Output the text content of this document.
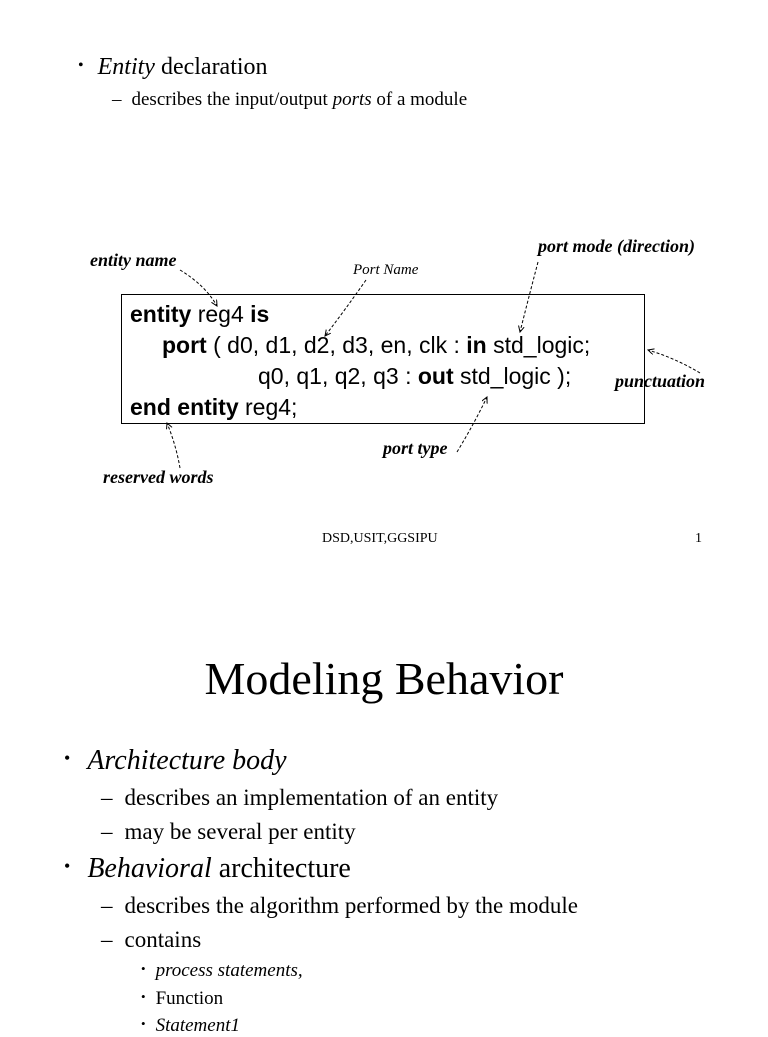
• Entity declaration
– describes the input/output ports of a module
entity reg4 is
port ( d0, d1, d2, d3, en, clk : in std_logic;
q0, q1, q2, q3 : out std_logic );
end entity reg4;
entity name	Port Name
port mode (direction)
punctuation
port type
reserved words
DSD,USIT,GGSIPU	1
Modeling Behavior
• Architecture body
– describes an implementation of an entity
– may be several per entity
• Behavioral architecture
– describes the algorithm performed by the module
– contains
• process statements,
• Function
• Statement1
